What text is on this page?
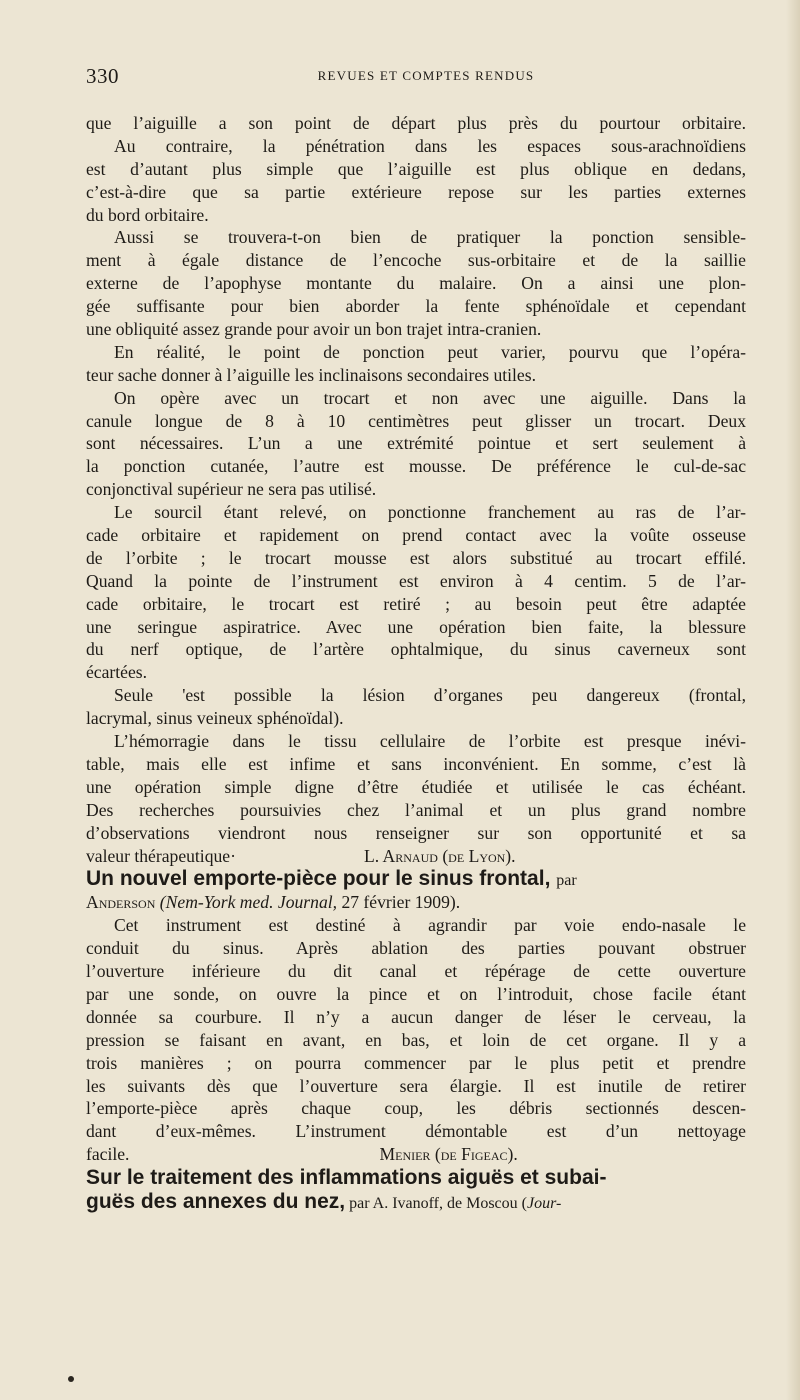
330	REVUES ET COMPTES RENDUS
que l’aiguille a son point de départ plus près du pourtour orbitaire.
Au contraire, la pénétration dans les espaces sous-arachnoïdiens
est d’autant plus simple que l’aiguille est plus oblique en dedans,
c’est-à-dire que sa partie extérieure repose sur les parties externes
du bord orbitaire.
Aussi se trouvera-t-on bien de pratiquer la ponction sensible-
ment à égale distance de l’encoche sus-orbitaire et de la saillie
externe de l’apophyse montante du malaire. On a ainsi une plon-
gée suffisante pour bien aborder la fente sphénoïdale et cependant
une obliquité assez grande pour avoir un bon trajet intra-cranien.
En réalité, le point de ponction peut varier, pourvu que l’opéra-
teur sache donner à l’aiguille les inclinaisons secondaires utiles.
On opère avec un trocart et non avec une aiguille. Dans la
canule longue de 8 à 10 centimètres peut glisser un trocart. Deux
sont nécessaires. L’un a une extrémité pointue et sert seulement à
la ponction cutanée, l’autre est mousse. De préférence le cul-de-sac
conjonctival supérieur ne sera pas utilisé.
Le sourcil étant relevé, on ponctionne franchement au ras de l’ar-
cade orbitaire et rapidement on prend contact avec la voûte osseuse
de l’orbite ; le trocart mousse est alors substitué au trocart effilé.
Quand la pointe de l’instrument est environ à 4 centim. 5 de l’ar-
cade orbitaire, le trocart est retiré ; au besoin peut être adaptée
une seringue aspiratrice. Avec une opération bien faite, la blessure
du nerf optique, de l’artère ophtalmique, du sinus caverneux sont
écartées.
Seule 'est possible la lésion d’organes peu dangereux (frontal,
lacrymal, sinus veineux sphénoïdal).
L’hémorragie dans le tissu cellulaire de l’orbite est presque inévi-
table, mais elle est infime et sans inconvénient. En somme, c’est là
une opération simple digne d’être étudiée et utilisée le cas échéant.
Des recherches poursuivies chez l’animal et un plus grand nombre
d’observations viendront nous renseigner sur son opportunité et sa
valeur thérapeutique·	L. Arnaud (de Lyon).
Un nouvel emporte-pièce pour le sinus frontal, par
Anderson (Nem-York med. Journal, 27 février 1909).
Cet instrument est destiné à agrandir par voie endo-nasale le
conduit du sinus. Après ablation des parties pouvant obstruer
l’ouverture inférieure du dit canal et répérage de cette ouverture
par une sonde, on ouvre la pince et on l’introduit, chose facile étant
donnée sa courbure. Il n’y a aucun danger de léser le cerveau, la
pression se faisant en avant, en bas, et loin de cet organe. Il y a
trois manières ; on pourra commencer par le plus petit et prendre
les suivants dès que l’ouverture sera élargie. Il est inutile de retirer
l’emporte-pièce après chaque coup, les débris sectionnés descen-
dant d’eux-mêmes. L’instrument démontable est d’un nettoyage
facile.	Menier (de Figeac).
Sur le traitement des inflammations aiguës et subai-
guës des annexes du nez, par A. Ivanoff, de Moscou (Jour-
